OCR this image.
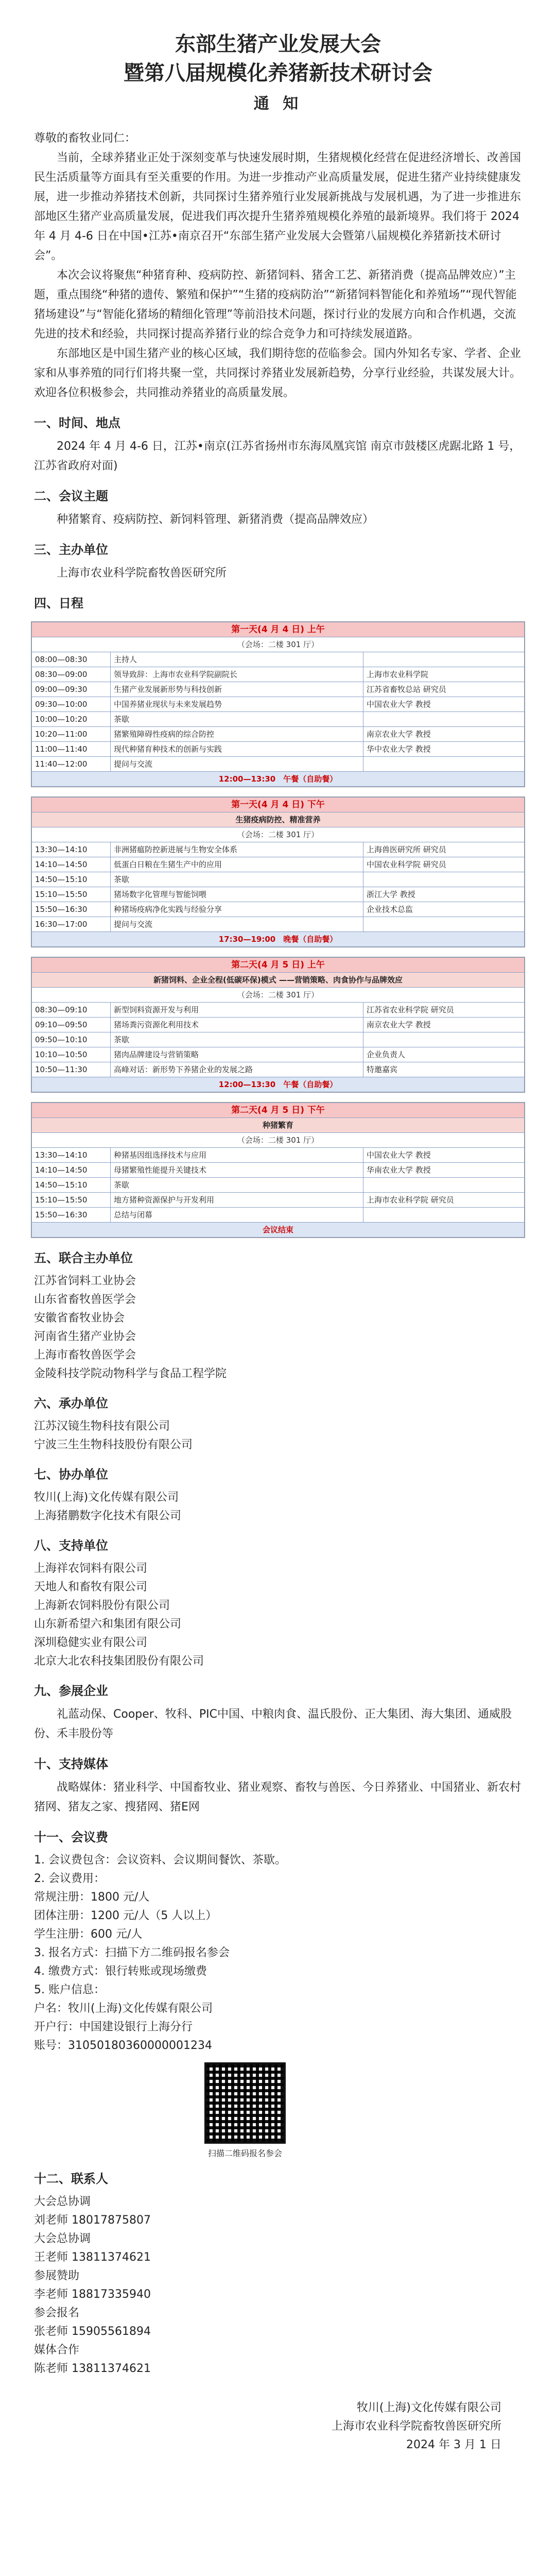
东部生猪产业发展大会
暨第八届规模化养猪新技术研讨会
通 知

尊敬的畜牧业同仁：

当前，全球养猪业正处于深刻变革与快速发展时期，生猪规模化经营在促进经济增长、改善国民生活质量等方面具有至关重要的作用。为进一步推动产业高质量发展，促进生猪产业持续健康发展，进一步推动养猪技术创新，共同探讨生猪养殖行业发展新挑战与发展机遇，为了进一步推进东部地区生猪产业高质量发展，促进我们再次提升生猪养殖规模化养殖的最新境界。我们将于 2024 年 4 月 4-6 日在中国•江苏•南京召开“东部生猪产业发展大会暨第八届规模化养猪新技术研讨会”。

本次会议将聚焦“种猪育种、疫病防控、新猪饲料、猪舍工艺、新猪消费（提高品牌效应）”主题，重点围绕“种猪的遗传、繁殖和保护”“生猪的疫病防治”“新猪饲料智能化和养殖场”“现代智能猪场建设”与“智能化猪场的精细化管理”等前沿技术问题，探讨行业的发展方向和合作机遇，交流先进的技术和经验，共同探讨提高养猪行业的综合竞争力和可持续发展道路。

东部地区是中国生猪产业的核心区域，我们期待您的莅临参会。国内外知名专家、学者、企业家和从事养殖的同行们将共聚一堂，共同探讨养猪业发展新趋势，分享行业经验，共谋发展大计。欢迎各位积极参会，共同推动养猪业的高质量发展。

一、时间、地点

2024 年 4 月 4-6 日，江苏•南京(江苏省扬州市东海凤凰宾馆 南京市鼓楼区虎踞北路 1 号，江苏省政府对面)

二、会议主题

种猪繁育、疫病防控、新饲料管理、新猪消费（提高品牌效应）

三、主办单位

上海市农业科学院畜牧兽医研究所

四、日程
第一天(4 月 4 日) 上午		
（会场：二楼 301 厅）		
08:00—08:30	主持人	
08:30—09:00	领导致辞：上海市农业科学院副院长	上海市农业科学院
09:00—09:30	生猪产业发展新形势与科技创新	江苏省畜牧总站 研究员
09:30—10:00	中国养猪业现状与未来发展趋势	中国农业大学 教授
10:00—10:20	茶歇	
10:20—11:00	猪繁殖障碍性疫病的综合防控	南京农业大学 教授
11:00—11:40	现代种猪育种技术的创新与实践	华中农业大学 教授
11:40—12:00	提问与交流	
12:00—13:30　午餐（自助餐）		
第一天(4 月 4 日) 下午		
生猪疫病防控、精准营养		
（会场：二楼 301 厅）		
13:30—14:10	非洲猪瘟防控新进展与生物安全体系	上海兽医研究所 研究员
14:10—14:50	低蛋白日粮在生猪生产中的应用	中国农业科学院 研究员
14:50—15:10	茶歇	
15:10—15:50	猪场数字化管理与智能饲喂	浙江大学 教授
15:50—16:30	种猪场疫病净化实践与经验分享	企业技术总监
16:30—17:00	提问与交流	
17:30—19:00　晚餐（自助餐）		
第二天(4 月 5 日) 上午		
新猪饲料、企业全程(低碳环保)模式 ——营销策略、肉食协作与品牌效应		
（会场：二楼 301 厅）		
08:30—09:10	新型饲料资源开发与利用	江苏省农业科学院 研究员
09:10—09:50	猪场粪污资源化利用技术	南京农业大学 教授
09:50—10:10	茶歇	
10:10—10:50	猪肉品牌建设与营销策略	企业负责人
10:50—11:30	高峰对话：新形势下养猪企业的发展之路	特邀嘉宾
12:00—13:30　午餐（自助餐）		
第二天(4 月 5 日) 下午		
种猪繁育		
（会场：二楼 301 厅）		
13:30—14:10	种猪基因组选择技术与应用	中国农业大学 教授
14:10—14:50	母猪繁殖性能提升关键技术	华南农业大学 教授
14:50—15:10	茶歇	
15:10—15:50	地方猪种资源保护与开发利用	上海市农业科学院 研究员
15:50—16:30	总结与闭幕	
会议结束		
五、联合主办单位
江苏省饲料工业协会
山东省畜牧兽医学会
安徽省畜牧业协会
河南省生猪产业协会
上海市畜牧兽医学会
金陵科技学院动物科学与食品工程学院
六、承办单位
江苏汉镜生物科技有限公司
宁波三生生物科技股份有限公司
七、协办单位
牧川(上海)文化传媒有限公司
上海猪鹏数字化技术有限公司
八、支持单位
上海祥农饲料有限公司
天地人和畜牧有限公司
上海新农饲料股份有限公司
山东新希望六和集团有限公司
深圳稳健实业有限公司
北京大北农科技集团股份有限公司
九、参展企业

礼蓝动保、Cooper、牧科、PIC中国、中粮肉食、温氏股份、正大集团、海大集团、通威股份、禾丰股份等

十、支持媒体

战略媒体：猪业科学、中国畜牧业、猪业观察、畜牧与兽医、今日养猪业、中国猪业、新农村猪网、猪友之家、搜猪网、猪E网

十一、会议费
1. 会议费包含：会议资料、会议期间餐饮、茶歇。
2. 会议费用：
常规注册：1800 元/人
团体注册：1200 元/人（5 人以上）
学生注册：600 元/人
3. 报名方式：扫描下方二维码报名参会
4. 缴费方式：银行转账或现场缴费
5. 账户信息：
户名：牧川(上海)文化传媒有限公司
开户行：中国建设银行上海分行
账号：31050180360000001234
扫描二维码报名参会
十二、联系人
大会总协调
刘老师 18017875807
大会总协调
王老师 13811374621
参展赞助
李老师 18817335940
参会报名
张老师 15905561894
媒体合作
陈老师 13811374621
牧川(上海)文化传媒有限公司
上海市农业科学院畜牧兽医研究所
2024 年 3 月 1 日
